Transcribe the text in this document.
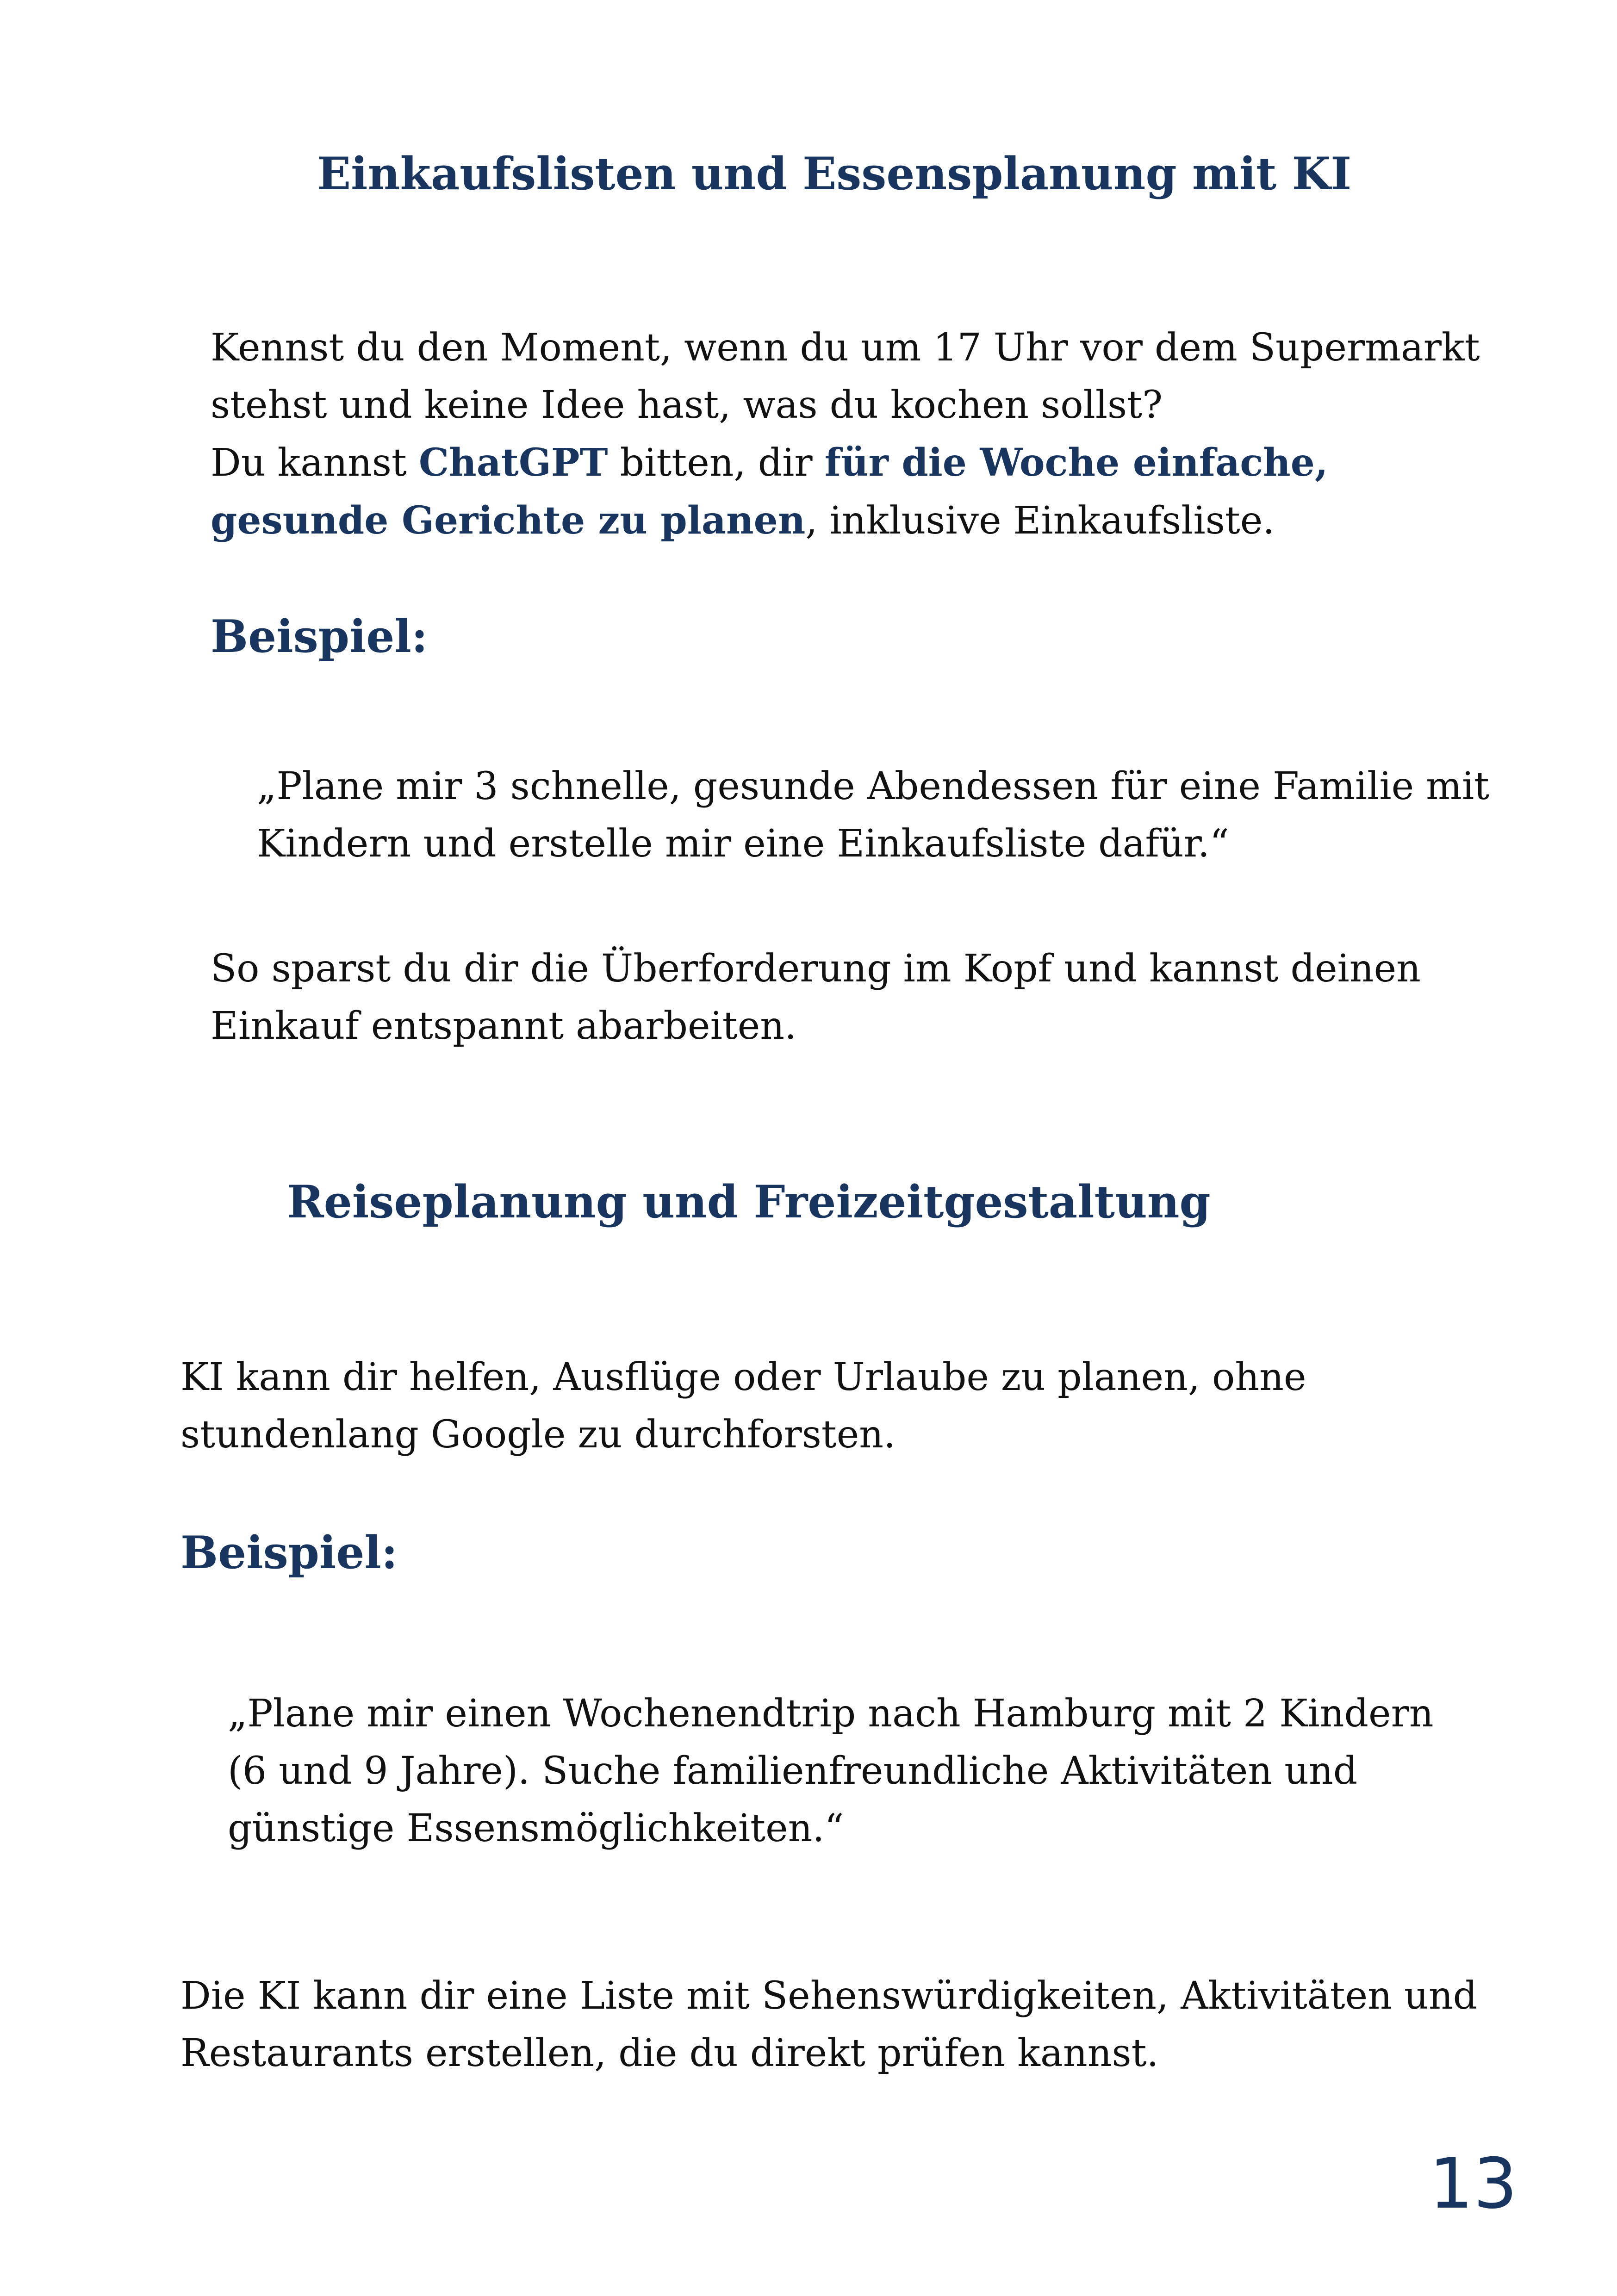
Einkaufslisten und Essensplanung mit KI

Kennst du den Moment, wenn du um 17 Uhr vor dem Supermarkt
stehst und keine Idee hast, was du kochen sollst?
Du kannst ChatGPT bitten, dir für die Woche einfache,
gesunde Gerichte zu planen, inklusive Einkaufsliste.

Beispiel:

„Plane mir 3 schnelle, gesunde Abendessen für eine Familie mit
Kindern und erstelle mir eine Einkaufsliste dafür.“

So sparst du dir die Überforderung im Kopf und kannst deinen
Einkauf entspannt abarbeiten.

Reiseplanung und Freizeitgestaltung

KI kann dir helfen, Ausflüge oder Urlaube zu planen, ohne
stundenlang Google zu durchforsten.

Beispiel:

„Plane mir einen Wochenendtrip nach Hamburg mit 2 Kindern
(6 und 9 Jahre). Suche familienfreundliche Aktivitäten und
günstige Essensmöglichkeiten.“

Die KI kann dir eine Liste mit Sehenswürdigkeiten, Aktivitäten und
Restaurants erstellen, die du direkt prüfen kannst.

13
